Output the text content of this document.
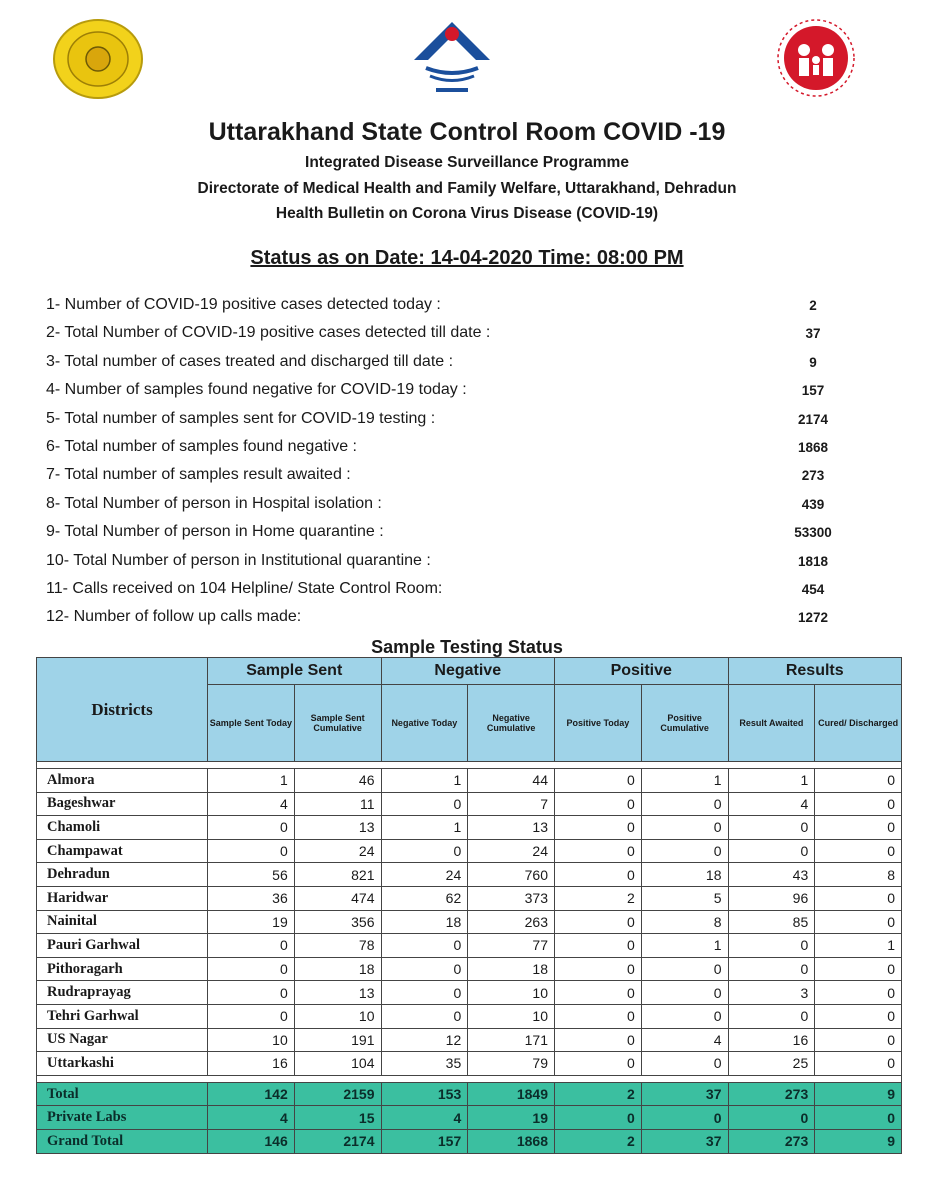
Uttarakhand State Control Room COVID -19
Integrated Disease Surveillance Programme
Directorate of Medical Health and Family Welfare, Uttarakhand, Dehradun
Health Bulletin on Corona Virus Disease (COVID-19)
Status as on Date: 14-04-2020 Time: 08:00 PM
1- Number of COVID-19 positive cases detected today :	2
2- Total Number of COVID-19 positive cases detected till date :	37
3- Total number of cases treated and discharged till date :	9
4- Number of samples found negative for COVID-19 today :	157
5- Total number of samples sent for COVID-19 testing :	2174
6- Total number of samples found negative :	1868
7- Total number of samples result awaited :	273
8- Total Number of person in Hospital isolation :	439
9- Total Number of person in Home quarantine :	53300
10- Total Number of person in Institutional quarantine :	1818
11- Calls received on 104 Helpline/ State Control Room:	454
12- Number of follow up calls made:	1272
Sample Testing Status
Districts	Sample Sent		Negative		Positive		Results	
	Sample Sent Today	Sample Sent Cumulative	Negative Today	Negative Cumulative	Positive Today	Positive Cumulative	Result Awaited	Cured/ Discharged

Almora	1	46	1	44	0	1	1	0
Bageshwar	4	11	0	7	0	0	4	0
Chamoli	0	13	1	13	0	0	0	0
Champawat	0	24	0	24	0	0	0	0
Dehradun	56	821	24	760	0	18	43	8
Haridwar	36	474	62	373	2	5	96	0
Nainital	19	356	18	263	0	8	85	0
Pauri Garhwal	0	78	0	77	0	1	0	1
Pithoragarh	0	18	0	18	0	0	0	0
Rudraprayag	0	13	0	10	0	0	3	0
Tehri Garhwal	0	10	0	10	0	0	0	0
US Nagar	10	191	12	171	0	4	16	0
Uttarkashi	16	104	35	79	0	0	25	0

Total	142	2159	153	1849	2	37	273	9
Private Labs	4	15	4	19	0	0	0	0
Grand Total	146	2174	157	1868	2	37	273	9
